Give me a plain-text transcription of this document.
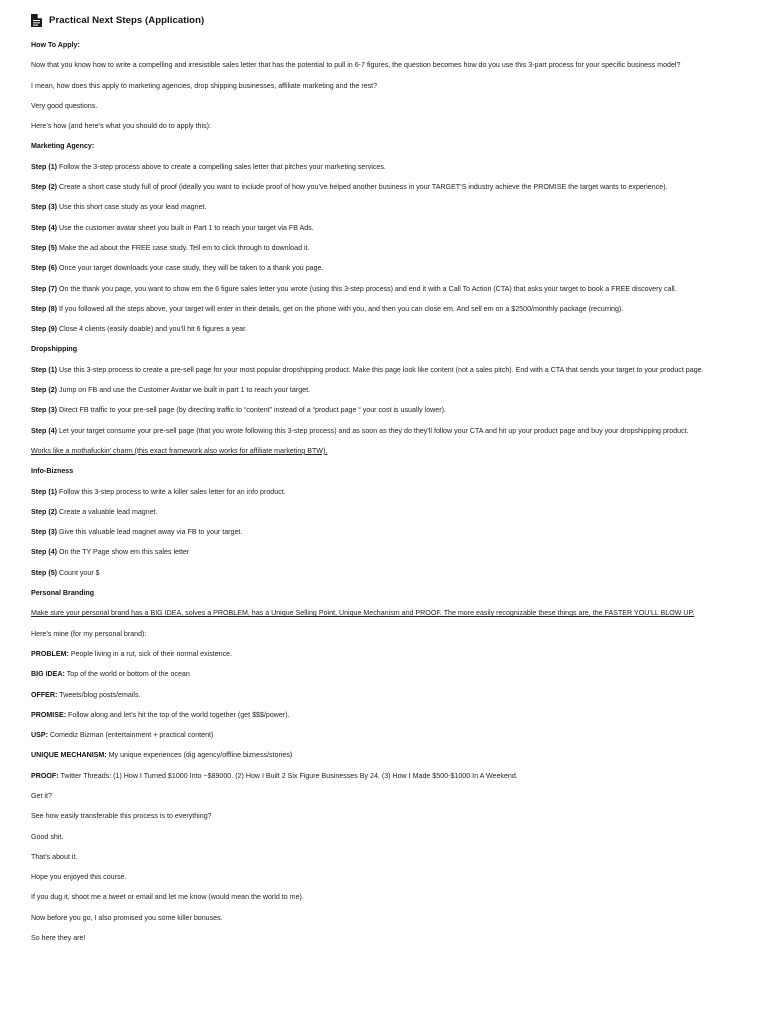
Practical Next Steps (Application)

How To Apply:

Now that you know how to write a compelling and irresistible sales letter that has the potential to pull in 6-7 figures, the question becomes how do you use this 3-part process for your specific business model?

I mean, how does this apply to marketing agencies, drop shipping businesses, affiliate marketing and the rest?

Very good questions.

Here’s how (and here’s what you should do to apply this):

Marketing Agency:

Step (1) Follow the 3-step process above to create a compelling sales letter that pitches your marketing services.

Step (2) Create a short case study full of proof (ideally you want to include proof of how you’ve helped another business in your TARGET’S industry achieve the PROMISE the target wants to experience).

Step (3) Use this short case study as your lead magnet.

Step (4) Use the customer avatar sheet you built in Part 1 to reach your target via FB Ads.

Step (5) Make the ad about the FREE case study. Tell em to click through to download it.

Step (6) Once your target downloads your case study, they will be taken to a thank you page.

Step (7) On the thank you page, you want to show em the 6 figure sales letter you wrote (using this 3-step process) and end it with a Call To Action (CTA) that asks your target to book a FREE discovery call.

Step (8) If you followed all the steps above, your target will enter in their details, get on the phone with you, and then you can close em. And sell em on a $2500/monthly package (recurring).

Step (9) Close 4 clients (easily doable) and you’ll hit 6 figures a year.

Dropshipping

Step (1) Use this 3-step process to create a pre-sell page for your most popular dropshipping product. Make this page look like content (not a sales pitch). End with a CTA that sends your target to your product page.

Step (2) Jump on FB and use the Customer Avatar we built in part 1 to reach your target.

Step (3) Direct FB traffic to your pre-sell page (by directing traffic to “content” instead of a “product page “ your cost is usually lower).

Step (4) Let your target consume your pre-sell page (that you wrote following this 3-step process) and as soon as they do they’ll follow your CTA and hit up your product page and buy your dropshipping product.

Works like a mothafuckin’ charm (this exact framework also works for affiliate marketing BTW).

Info-Bizness

Step (1) Follow this 3-step process to write a killer sales letter for an info product.

Step (2) Create a valuable lead magnet.

Step (3) Give this valuable lead magnet away via FB to your target.

Step (4) On the TY Page show em this sales letter

Step (5) Count your $

Personal Branding

Make sure your personal brand has a BIG IDEA, solves a PROBLEM, has a Unique Selling Point, Unique Mechanism and PROOF. The more easily recognizable these things are, the FASTER YOU’LL BLOW UP.

Here’s mine (for my personal brand):

PROBLEM: People living in a rut, sick of their normal existence.

BIG IDEA: Top of the world or bottom of the ocean

OFFER: Tweets/blog posts/emails.

PROMISE: Follow along and let’s hit the top of the world together (get $$$/power).

USP: Comediz Bizman (entertainment + practical content)

UNIQUE MECHANISM: My unique experiences (dig agency/offline bizness/stories)

PROOF: Twitter Threads: (1) How I Turned $1000 Into ~$89000. (2) How I Built 2 Six Figure Businesses By 24. (3) How I Made $500-$1000 In A Weekend.

Get it?

See how easily transferable this process is to everything?

Good shit.

That’s about it.

Hope you enjoyed this course.

If you dug it, shoot me a tweet or email and let me know (would mean the world to me).

Now before you go, I also promised you some killer bonuses.

So here they are!
